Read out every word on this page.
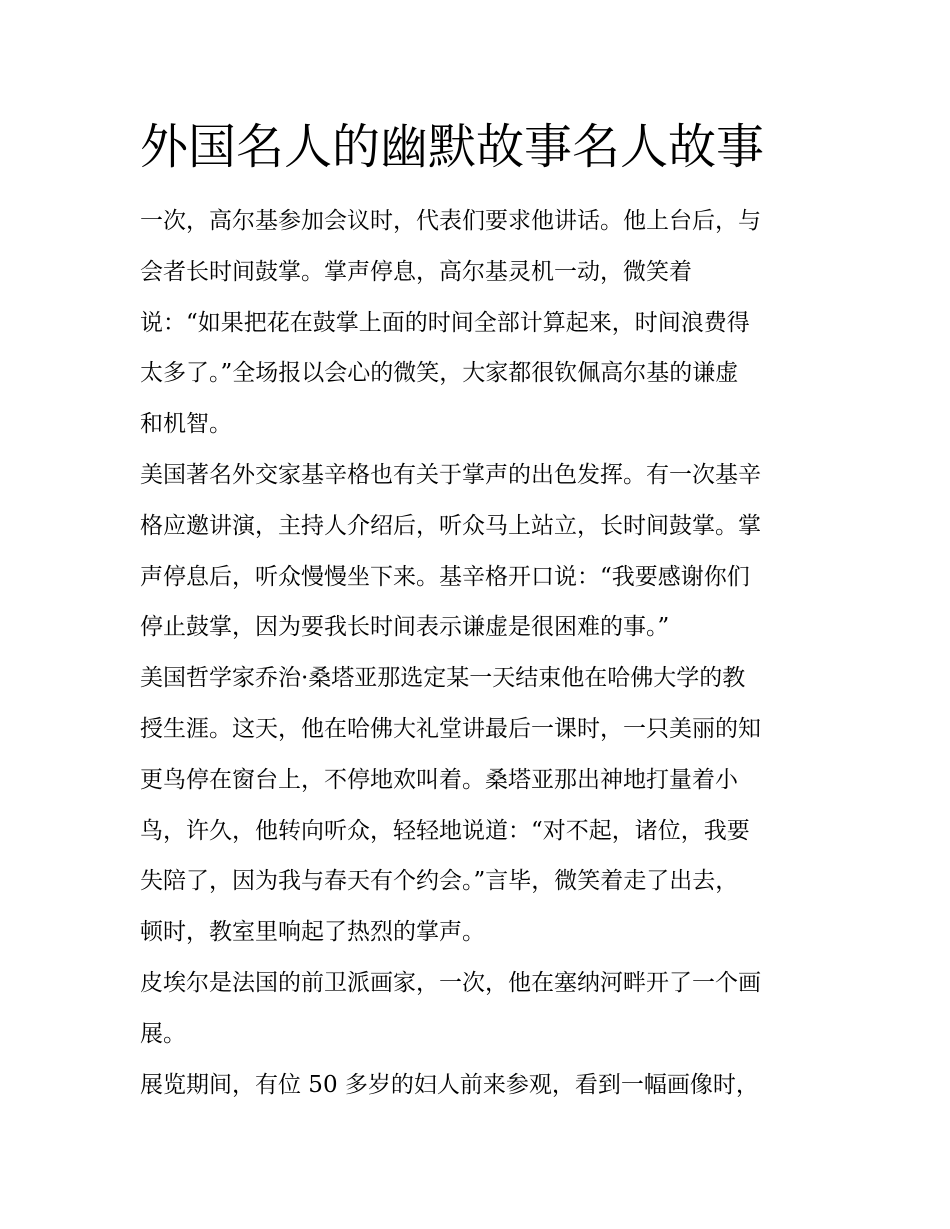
外国名人的幽默故事名人故事

一次，高尔基参加会议时，代表们要求他讲话。他上台后，与
会者长时间鼓掌。掌声停息，高尔基灵机一动，微笑着
说：“如果把花在鼓掌上面的时间全部计算起来，时间浪费得
太多了。”全场报以会心的微笑，大家都很钦佩高尔基的谦虚
和机智。

美国著名外交家基辛格也有关于掌声的出色发挥。有一次基辛
格应邀讲演，主持人介绍后，听众马上站立，长时间鼓掌。掌
声停息后，听众慢慢坐下来。基辛格开口说：“我要感谢你们
停止鼓掌，因为要我长时间表示谦虚是很困难的事。”

美国哲学家乔治·桑塔亚那选定某一天结束他在哈佛大学的教
授生涯。这天，他在哈佛大礼堂讲最后一课时，一只美丽的知
更鸟停在窗台上，不停地欢叫着。桑塔亚那出神地打量着小
鸟，许久，他转向听众，轻轻地说道：“对不起，诸位，我要
失陪了，因为我与春天有个约会。”言毕，微笑着走了出去，
顿时，教室里响起了热烈的掌声。

皮埃尔是法国的前卫派画家，一次，他在塞纳河畔开了一个画
展。

展览期间，有位 50 多岁的妇人前来参观，看到一幅画像时，
